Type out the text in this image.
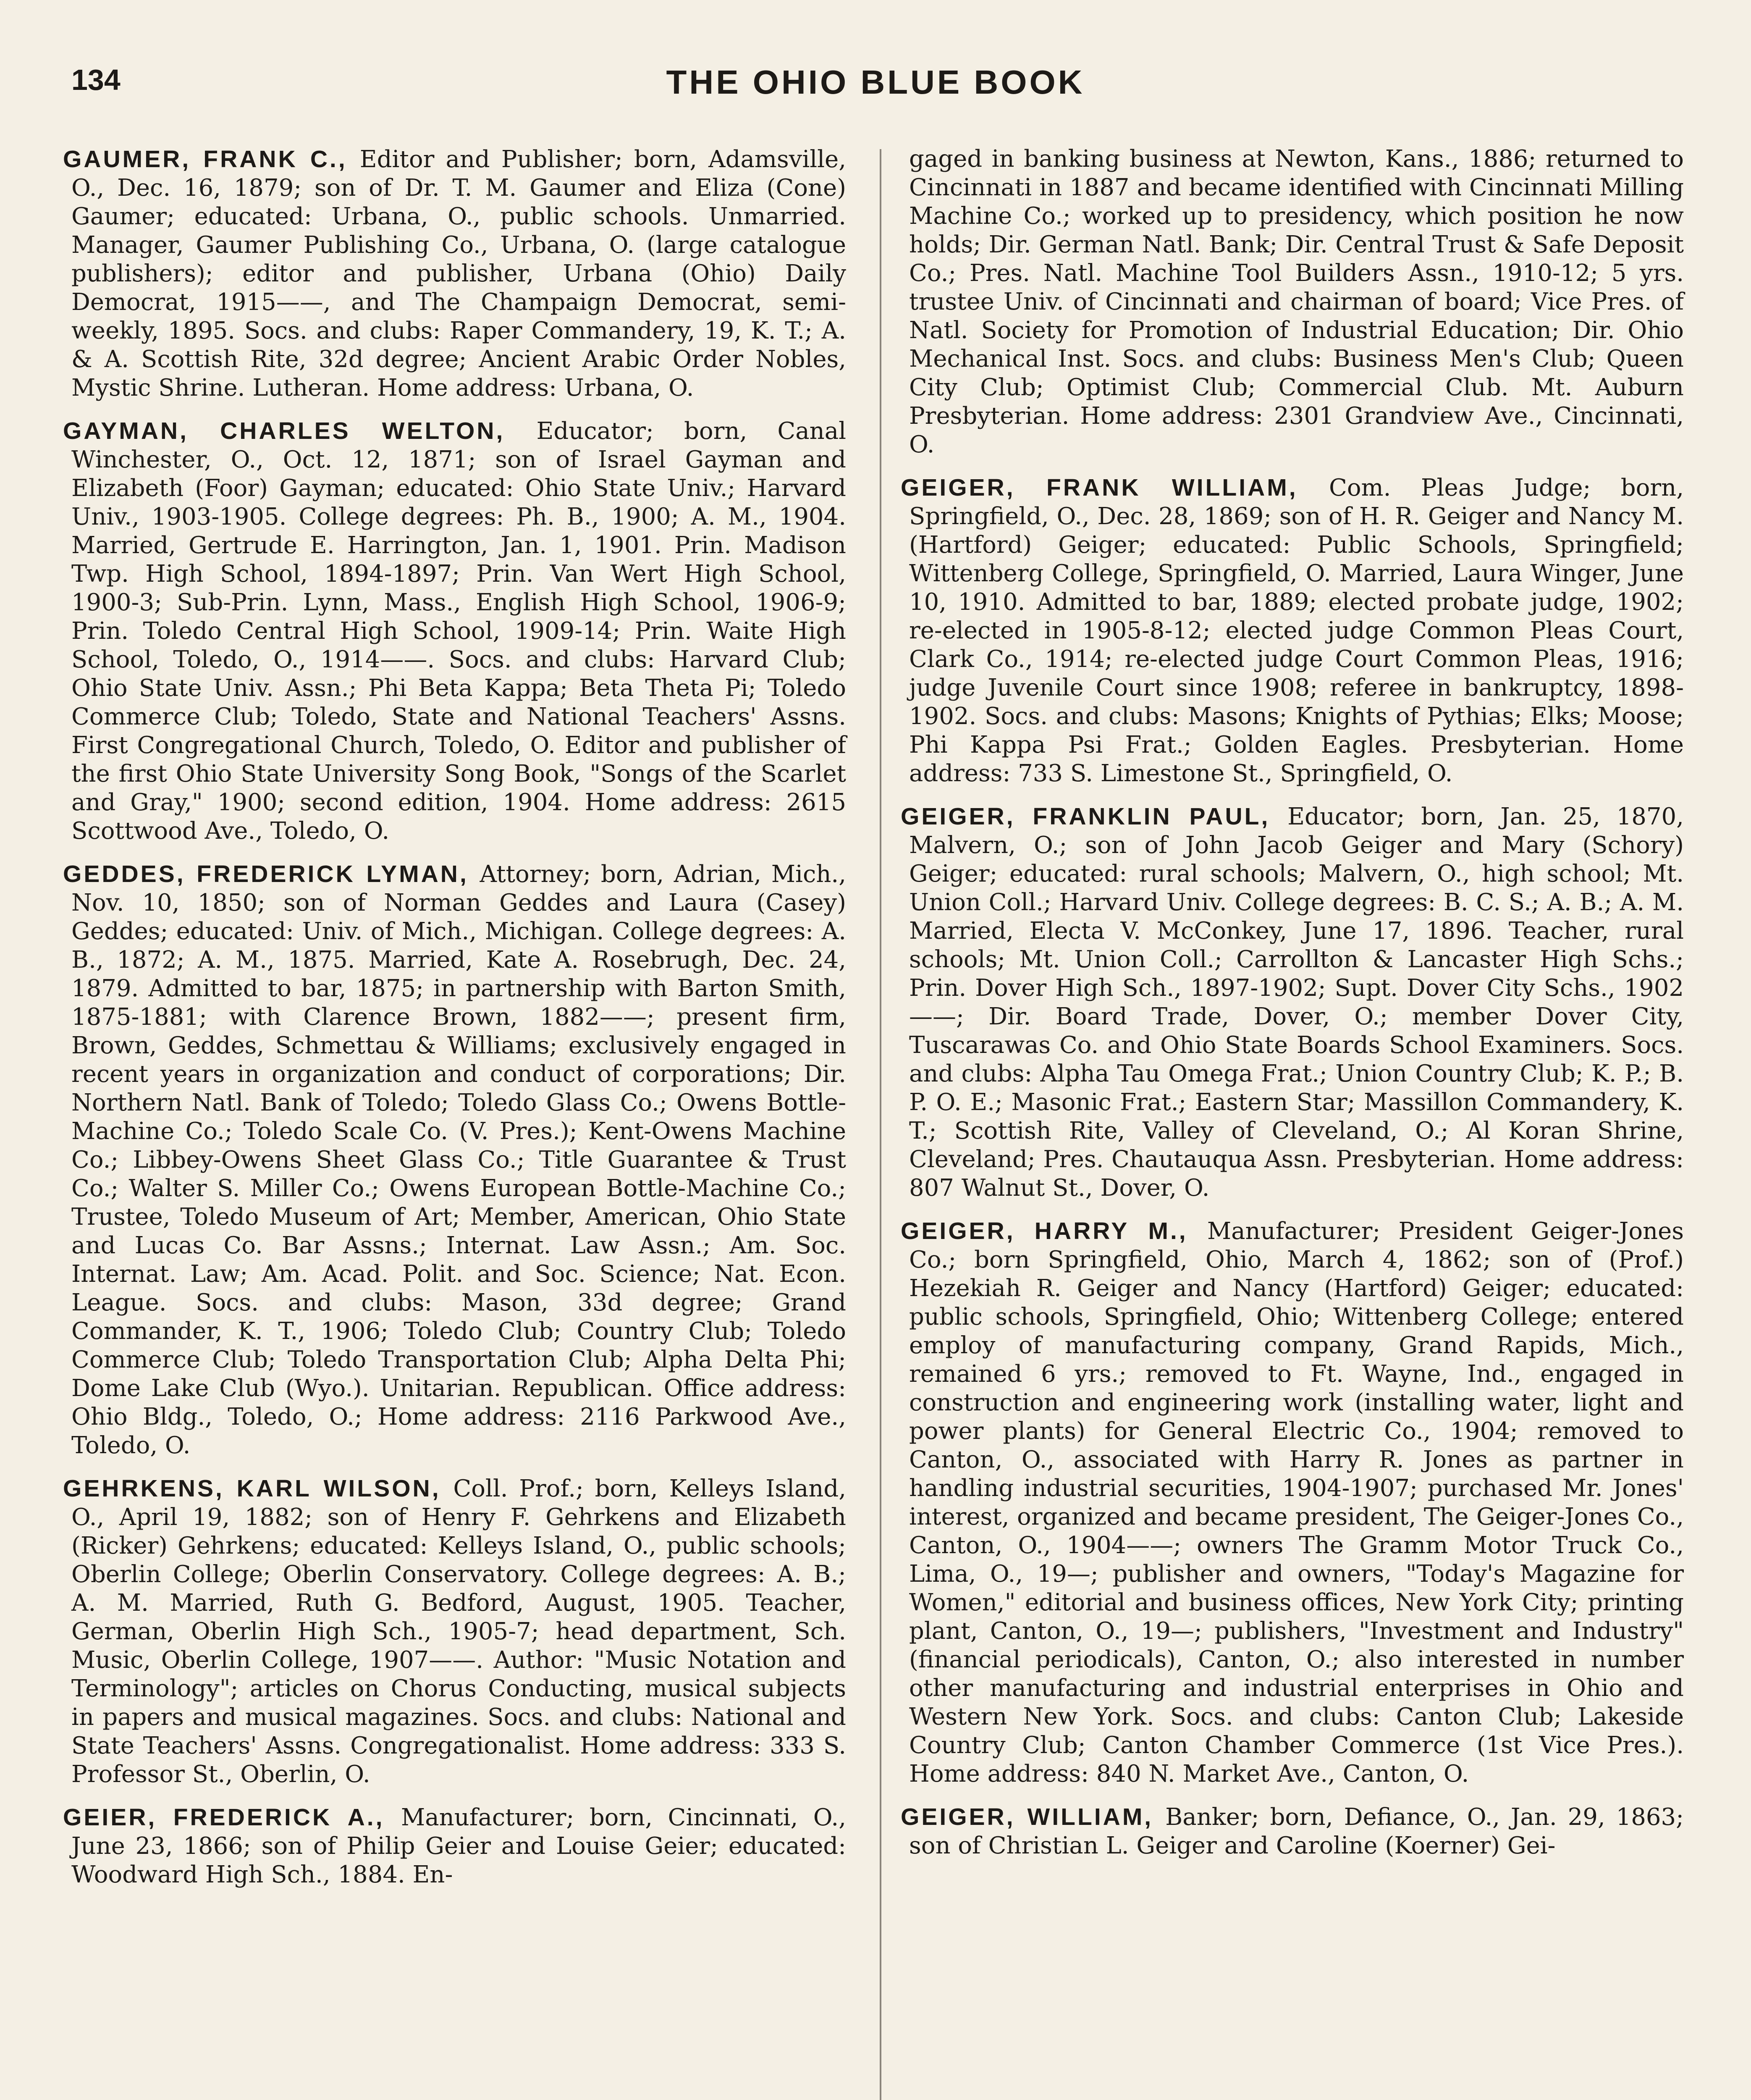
134	THE OHIO BLUE BOOK

GAUMER, FRANK C., Editor and Publisher; born, Adamsville, O., Dec. 16, 1879; son of Dr. T. M. Gaumer and Eliza (Cone) Gaumer; educated: Urbana, O., public schools. Unmarried. Manager, Gaumer Publishing Co., Urbana, O. (large catalogue publishers); editor and publisher, Urbana (Ohio) Daily Democrat, 1915——, and The Champaign Democrat, semi-weekly, 1895. Socs. and clubs: Raper Commandery, 19, K. T.; A. & A. Scottish Rite, 32d degree; Ancient Arabic Order Nobles, Mystic Shrine. Lutheran. Home address: Urbana, O.

GAYMAN, CHARLES WELTON, Educator; born, Canal Winchester, O., Oct. 12, 1871; son of Israel Gayman and Elizabeth (Foor) Gayman; educated: Ohio State Univ.; Harvard Univ., 1903-1905. College degrees: Ph. B., 1900; A. M., 1904. Married, Gertrude E. Harrington, Jan. 1, 1901. Prin. Madison Twp. High School, 1894-1897; Prin. Van Wert High School, 1900-3; Sub-Prin. Lynn, Mass., English High School, 1906-9; Prin. Toledo Central High School, 1909-14; Prin. Waite High School, Toledo, O., 1914——. Socs. and clubs: Harvard Club; Ohio State Univ. Assn.; Phi Beta Kappa; Beta Theta Pi; Toledo Commerce Club; Toledo, State and National Teachers' Assns. First Congregational Church, Toledo, O. Editor and publisher of the first Ohio State University Song Book, "Songs of the Scarlet and Gray," 1900; second edition, 1904. Home address: 2615 Scottwood Ave., Toledo, O.

GEDDES, FREDERICK LYMAN, Attorney; born, Adrian, Mich., Nov. 10, 1850; son of Norman Geddes and Laura (Casey) Geddes; educated: Univ. of Mich., Michigan. College degrees: A. B., 1872; A. M., 1875. Married, Kate A. Rosebrugh, Dec. 24, 1879. Admitted to bar, 1875; in partnership with Barton Smith, 1875-1881; with Clarence Brown, 1882——; present firm, Brown, Geddes, Schmettau & Williams; exclusively engaged in recent years in organization and conduct of corporations; Dir. Northern Natl. Bank of Toledo; Toledo Glass Co.; Owens Bottle-Machine Co.; Toledo Scale Co. (V. Pres.); Kent-Owens Machine Co.; Libbey-Owens Sheet Glass Co.; Title Guarantee & Trust Co.; Walter S. Miller Co.; Owens European Bottle-Machine Co.; Trustee, Toledo Museum of Art; Member, American, Ohio State and Lucas Co. Bar Assns.; Internat. Law Assn.; Am. Soc. Internat. Law; Am. Acad. Polit. and Soc. Science; Nat. Econ. League. Socs. and clubs: Mason, 33d degree; Grand Commander, K. T., 1906; Toledo Club; Country Club; Toledo Commerce Club; Toledo Transportation Club; Alpha Delta Phi; Dome Lake Club (Wyo.). Unitarian. Republican. Office address: Ohio Bldg., Toledo, O.; Home address: 2116 Parkwood Ave., Toledo, O.

GEHRKENS, KARL WILSON, Coll. Prof.; born, Kelleys Island, O., April 19, 1882; son of Henry F. Gehrkens and Elizabeth (Ricker) Gehrkens; educated: Kelleys Island, O., public schools; Oberlin College; Oberlin Conservatory. College degrees: A. B.; A. M. Married, Ruth G. Bedford, August, 1905. Teacher, German, Oberlin High Sch., 1905-7; head department, Sch. Music, Oberlin College, 1907——. Author: "Music Notation and Terminology"; articles on Chorus Conducting, musical subjects in papers and musical magazines. Socs. and clubs: National and State Teachers' Assns. Congregationalist. Home address: 333 S. Professor St., Oberlin, O.

GEIER, FREDERICK A., Manufacturer; born, Cincinnati, O., June 23, 1866; son of Philip Geier and Louise Geier; educated: Woodward High Sch., 1884. En-

gaged in banking business at Newton, Kans., 1886; returned to Cincinnati in 1887 and became identified with Cincinnati Milling Machine Co.; worked up to presidency, which position he now holds; Dir. German Natl. Bank; Dir. Central Trust & Safe Deposit Co.; Pres. Natl. Machine Tool Builders Assn., 1910-12; 5 yrs. trustee Univ. of Cincinnati and chairman of board; Vice Pres. of Natl. Society for Promotion of Industrial Education; Dir. Ohio Mechanical Inst. Socs. and clubs: Business Men's Club; Queen City Club; Optimist Club; Commercial Club. Mt. Auburn Presbyterian. Home address: 2301 Grandview Ave., Cincinnati, O.

GEIGER, FRANK WILLIAM, Com. Pleas Judge; born, Springfield, O., Dec. 28, 1869; son of H. R. Geiger and Nancy M. (Hartford) Geiger; educated: Public Schools, Springfield; Wittenberg College, Springfield, O. Married, Laura Winger, June 10, 1910. Admitted to bar, 1889; elected probate judge, 1902; re-elected in 1905-8-12; elected judge Common Pleas Court, Clark Co., 1914; re-elected judge Court Common Pleas, 1916; judge Juvenile Court since 1908; referee in bankruptcy, 1898-1902. Socs. and clubs: Masons; Knights of Pythias; Elks; Moose; Phi Kappa Psi Frat.; Golden Eagles. Presbyterian. Home address: 733 S. Limestone St., Springfield, O.

GEIGER, FRANKLIN PAUL, Educator; born, Jan. 25, 1870, Malvern, O.; son of John Jacob Geiger and Mary (Schory) Geiger; educated: rural schools; Malvern, O., high school; Mt. Union Coll.; Harvard Univ. College degrees: B. C. S.; A. B.; A. M. Married, Electa V. McConkey, June 17, 1896. Teacher, rural schools; Mt. Union Coll.; Carrollton & Lancaster High Schs.; Prin. Dover High Sch., 1897-1902; Supt. Dover City Schs., 1902——; Dir. Board Trade, Dover, O.; member Dover City, Tuscarawas Co. and Ohio State Boards School Examiners. Socs. and clubs: Alpha Tau Omega Frat.; Union Country Club; K. P.; B. P. O. E.; Masonic Frat.; Eastern Star; Massillon Commandery, K. T.; Scottish Rite, Valley of Cleveland, O.; Al Koran Shrine, Cleveland; Pres. Chautauqua Assn. Presbyterian. Home address: 807 Walnut St., Dover, O.

GEIGER, HARRY M., Manufacturer; President Geiger-Jones Co.; born Springfield, Ohio, March 4, 1862; son of (Prof.) Hezekiah R. Geiger and Nancy (Hartford) Geiger; educated: public schools, Springfield, Ohio; Wittenberg College; entered employ of manufacturing company, Grand Rapids, Mich., remained 6 yrs.; removed to Ft. Wayne, Ind., engaged in construction and engineering work (installing water, light and power plants) for General Electric Co., 1904; removed to Canton, O., associated with Harry R. Jones as partner in handling industrial securities, 1904-1907; purchased Mr. Jones' interest, organized and became president, The Geiger-Jones Co., Canton, O., 1904——; owners The Gramm Motor Truck Co., Lima, O., 19—; publisher and owners, "Today's Magazine for Women," editorial and business offices, New York City; printing plant, Canton, O., 19—; publishers, "Investment and Industry" (financial periodicals), Canton, O.; also interested in number other manufacturing and industrial enterprises in Ohio and Western New York. Socs. and clubs: Canton Club; Lakeside Country Club; Canton Chamber Commerce (1st Vice Pres.). Home address: 840 N. Market Ave., Canton, O.

GEIGER, WILLIAM, Banker; born, Defiance, O., Jan. 29, 1863; son of Christian L. Geiger and Caroline (Koerner) Gei-
